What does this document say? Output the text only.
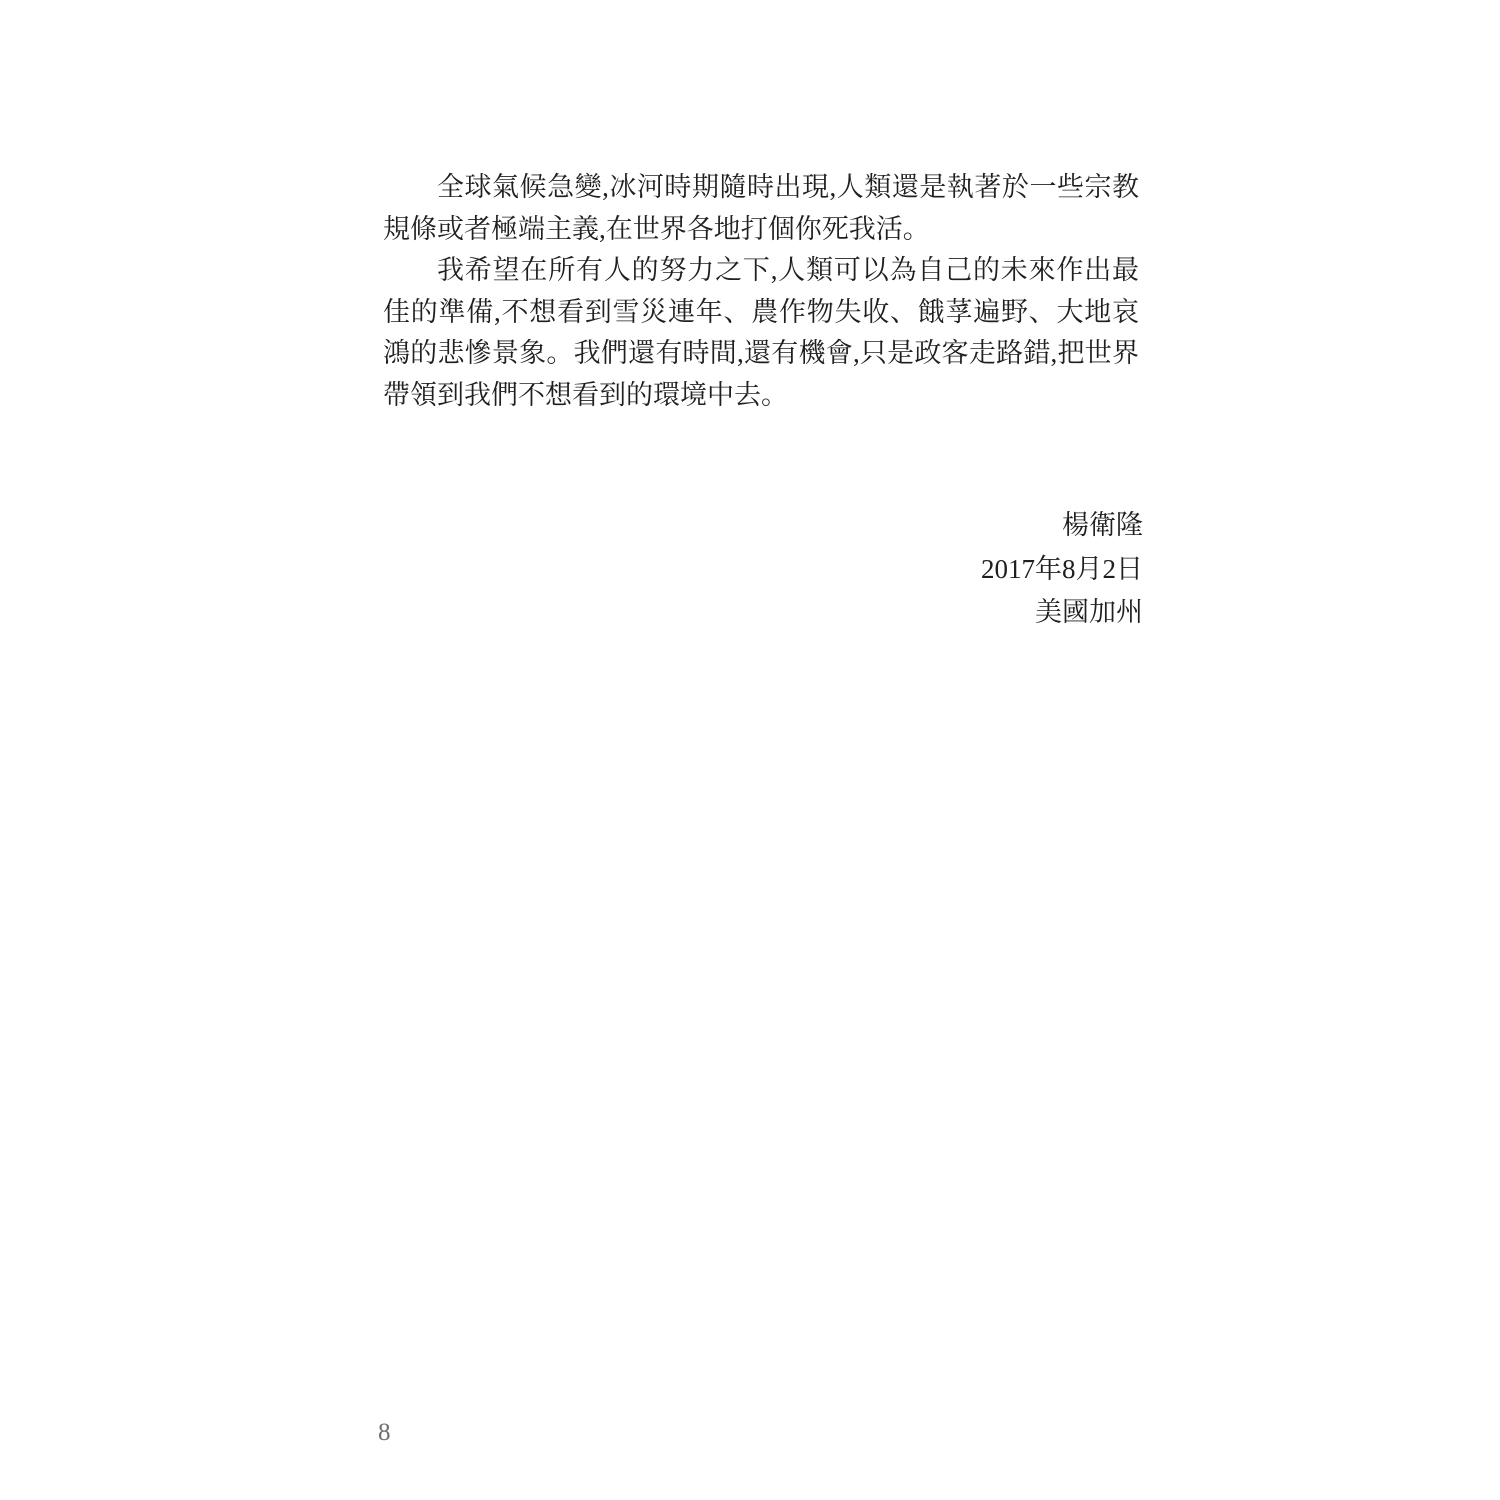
全球氣候急變,冰河時期隨時出現,人類還是執著於一些宗教規條或者極端主義,在世界各地打個你死我活。

我希望在所有人的努力之下,人類可以為自己的未來作出最佳的準備,不想看到雪災連年、農作物失收、餓莩遍野、大地哀鴻的悲慘景象。我們還有時間,還有機會,只是政客走路錯,把世界帶領到我們不想看到的環境中去。

楊衛隆
2017年8月2日
美國加州
8
